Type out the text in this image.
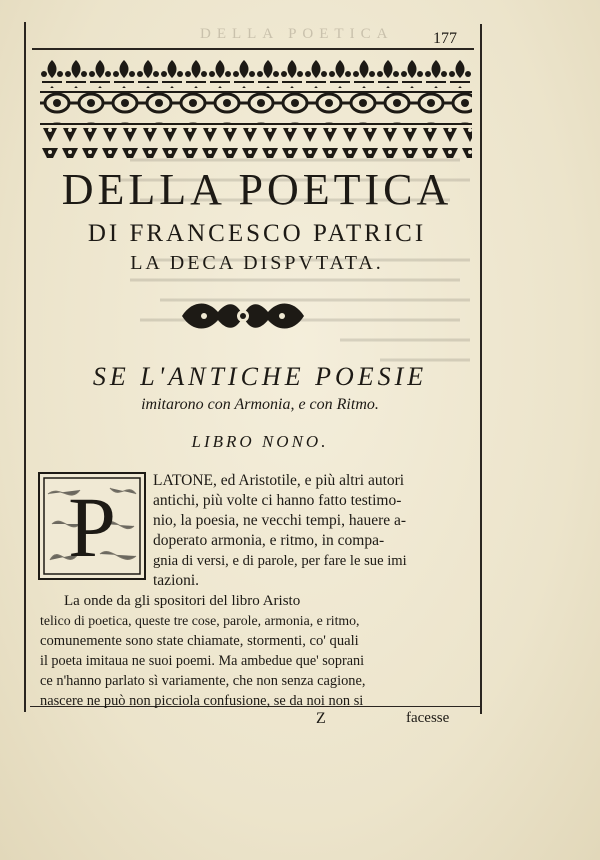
DELLA POETICA 177
DELLA POETICA
DI FRANCESCO PATRICI
LA DECA DISPVTATA.
SE L'ANTICHE POESIE
imitarono con Armonia, e con Ritmo.
LIBRO NONO.
P LATONE, ed Aristotile, e più altri autori
antichi, più volte ci hanno fatto testimo-
nio, la poesia, ne vecchi tempi, hauere a-
doperato armonia, e ritmo, in compa-
gnia di versi, e di parole, per fare le sue imi
tazioni.
La onde da gli spositori del libro Aristo
telico di poetica, queste tre cose, parole, armonia, e ritmo,
comunemente sono state chiamate, stormenti, co' quali
il poeta imitaua ne suoi poemi. Ma ambedue que' soprani
ce n'hanno parlato sì variamente, che non senza cagione,
nascere ne può non picciola confusione, se da noi non si
Z	facesse
